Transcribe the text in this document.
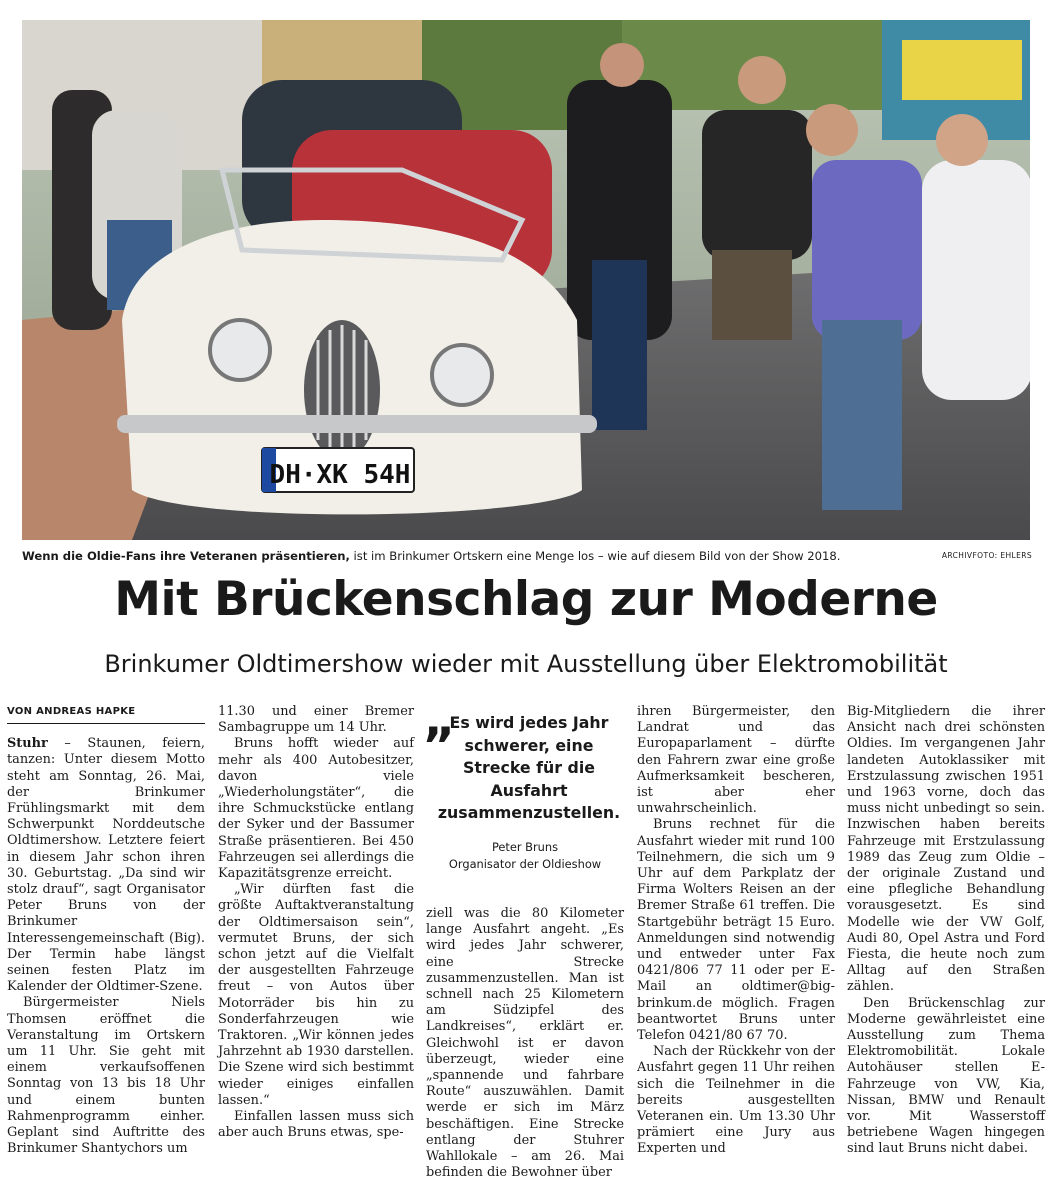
DH·XK 54H
Wenn die Oldie-Fans ihre Veteranen präsentieren, ist im Brinkumer Ortskern eine Menge los – wie auf diesem Bild von der Show 2018.	ARCHIVFOTO: EHLERS
Mit Brückenschlag zur Moderne
Brinkumer Oldtimershow wieder mit Ausstellung über Elektromobilität
VON ANDREAS HAPKE

Stuhr – Staunen, feiern, tanzen: Unter diesem Motto steht am Sonntag, 26. Mai, der Brinkumer Frühlingsmarkt mit dem Schwerpunkt Norddeutsche Oldtimershow. Letztere feiert in diesem Jahr schon ihren 30. Geburtstag. „Da sind wir stolz drauf“, sagt Organisator Peter Bruns von der Brinkumer Interessengemeinschaft (Big). Der Termin habe längst seinen festen Platz im Kalender der Oldtimer-Szene.

Bürgermeister Niels Thomsen eröffnet die Veranstaltung im Ortskern um 11 Uhr. Sie geht mit einem verkaufsoffenen Sonntag von 13 bis 18 Uhr und einem bunten Rahmenprogramm einher. Geplant sind Auftritte des Brinkumer Shantychors um

11.30 und einer Bremer Sambagruppe um 14 Uhr.

Bruns hofft wieder auf mehr als 400 Autobesitzer, davon viele „Wiederholungstäter“, die ihre Schmuckstücke entlang der Syker und der Bassumer Straße präsentieren. Bei 450 Fahrzeugen sei allerdings die Kapazitätsgrenze erreicht.

„Wir dürften fast die größte Auftaktveranstaltung der Oldtimersaison sein“, vermutet Bruns, der sich schon jetzt auf die Vielfalt der ausgestellten Fahrzeuge freut – von Autos über Motorräder bis hin zu Sonderfahrzeugen wie Traktoren. „Wir können jedes Jahrzehnt ab 1930 darstellen. Die Szene wird sich bestimmt wieder einiges einfallen lassen.“

Einfallen lassen muss sich aber auch Bruns etwas, spe-

„
Es wird jedes Jahr schwerer, eine Strecke für die Ausfahrt zusammenzustellen.
Peter Bruns
Organisator der Oldieshow

ziell was die 80 Kilometer lange Ausfahrt angeht. „Es wird jedes Jahr schwerer, eine Strecke zusammenzustellen. Man ist schnell nach 25 Kilometern am Südzipfel des Landkreises“, erklärt er. Gleichwohl ist er davon überzeugt, wieder eine „spannende und fahrbare Route“ auszuwählen. Damit werde er sich im März beschäftigen. Eine Strecke entlang der Stuhrer Wahllokale – am 26. Mai befinden die Bewohner über

ihren Bürgermeister, den Landrat und das Europaparlament – dürfte den Fahrern zwar eine große Aufmerksamkeit bescheren, ist aber eher unwahrscheinlich.

Bruns rechnet für die Ausfahrt wieder mit rund 100 Teilnehmern, die sich um 9 Uhr auf dem Parkplatz der Firma Wolters Reisen an der Bremer Straße 61 treffen. Die Startgebühr beträgt 15 Euro. Anmeldungen sind notwendig und entweder unter Fax 0421/806 77 11 oder per E-Mail an oldtimer@big-brinkum.de möglich. Fragen beantwortet Bruns unter Telefon 0421/80 67 70.

Nach der Rückkehr von der Ausfahrt gegen 11 Uhr reihen sich die Teilnehmer in die bereits ausgestellten Veteranen ein. Um 13.30 Uhr prämiert eine Jury aus Experten und

Big-Mitgliedern die ihrer Ansicht nach drei schönsten Oldies. Im vergangenen Jahr landeten Autoklassiker mit Erstzulassung zwischen 1951 und 1963 vorne, doch das muss nicht unbedingt so sein. Inzwischen haben bereits Fahrzeuge mit Erstzulassung 1989 das Zeug zum Oldie – der originale Zustand und eine pflegliche Behandlung vorausgesetzt. Es sind Modelle wie der VW Golf, Audi 80, Opel Astra und Ford Fiesta, die heute noch zum Alltag auf den Straßen zählen.

Den Brückenschlag zur Moderne gewährleistet eine Ausstellung zum Thema Elektromobilität. Lokale Autohäuser stellen E-Fahrzeuge von VW, Kia, Nissan, BMW und Renault vor. Mit Wasserstoff betriebene Wagen hingegen sind laut Bruns nicht dabei.
